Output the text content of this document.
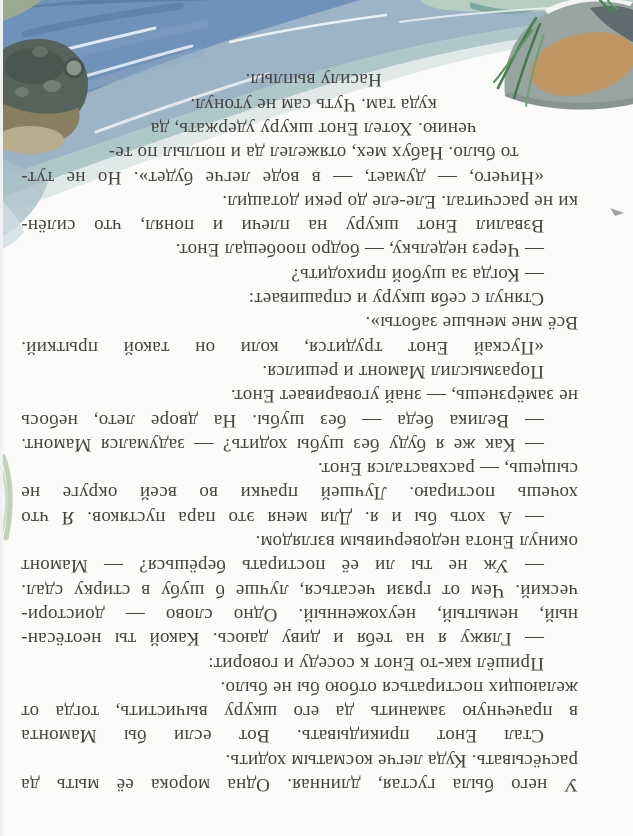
У него была густая, длинная. Одна морока её мыть да
расчёсывать. Куда легче косматым ходить.
Стал Енот прикидывать. Вот если бы Мамонта
в прачечную заманить да его шкуру вычистить, тогда от
желающих постираться отбою бы не было.
Пришёл как-то Енот к соседу и говорит:
— Гляжу я на тебя и диву даюсь. Какой ты неотёсан-
ный, немытый, неухоженный. Одно слово — доистори-
ческий. Чем от грязи чесаться, лучше б шубу в стирку сдал.
— Уж не ты ли её постирать берёшься? — Мамонт
окинул Енота недоверчивым взглядом.
— А хоть бы и я. Для меня это пара пустяков. Я что
хочешь постираю. Лучшей прачки во всей округе не
сыщешь, — расхвастался Енот.
— Как же я буду без шубы ходить? — задумался Мамонт.
— Велика беда — без шубы. На дворе лето, небось
не замёрзнешь, — знай уговаривает Енот.
Поразмыслил Мамонт и решился.
«Пускай Енот трудится, коли он такой прыткий.
Всё мне меньше заботы».
Стянул с себя шкуру и спрашивает:
— Когда за шубой приходить?
— Через недельку, — бодро пообещал Енот.
Взвалил Енот шкуру на плечи и понял, что силён-
ки не рассчитал. Еле-еле до реки дотащил.
«Ничего, — думает, — в воде легче будет». Но не тут-
то было. Набух мех, отяжелел да и поплыл по те-
чению. Хотел Енот шкуру удержать, да
куда там. Чуть сам не утонул.
Насилу выплыл.
